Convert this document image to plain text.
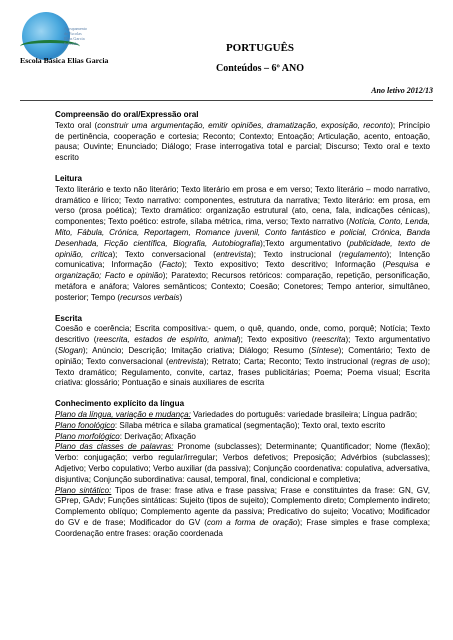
Agrupamento
de Escolas
Elias Garcia
Sobreda
Escola Básica Elias Garcia
PORTUGUÊS
Conteúdos – 6º ANO
Ano letivo 2012/13
Compreensão do oral/Expressão oral
Texto oral (construir uma argumentação, emitir opiniões, dramatização, exposição, reconto); Princípio de pertinência, cooperação e cortesia; Reconto; Contexto; Entoação; Articulação, acento, entoação, pausa; Ouvinte; Enunciado; Diálogo; Frase interrogativa total e parcial; Discurso; Texto oral e texto escrito
Leitura
Texto literário e texto não literário; Texto literário em prosa e em verso; Texto literário – modo narrativo, dramático e lírico; Texto narrativo: componentes, estrutura da narrativa; Texto literário: em prosa, em verso (prosa poética); Texto dramático: organização estrutural (ato, cena, fala, indicações cénicas), componentes; Texto poético: estrofe, sílaba métrica, rima, verso; Texto narrativo (Notícia, Conto, Lenda, Mito, Fábula, Crónica, Reportagem, Romance juvenil, Conto fantástico e policial, Crónica, Banda Desenhada, Ficção científica, Biografia, Autobiografia);Texto argumentativo (publicidade, texto de opinião, crítica); Texto conversacional (entrevista); Texto instrucional (regulamento); Intenção comunicativa; Informação (Facto); Texto expositivo; Texto descritivo; Informação (Pesquisa e organização; Facto e opinião); Paratexto; Recursos retóricos: comparação, repetição, personificação, metáfora e anáfora; Valores semânticos; Contexto; Coesão; Conetores; Tempo anterior, simultâneo, posterior; Tempo (recursos verbais)
Escrita
Coesão e coerência; Escrita compositiva:- quem, o quê, quando, onde, como, porquê; Notícia; Texto descritivo (reescrita, estados de espírito, animal); Texto expositivo (reescrita); Texto argumentativo (Slogan); Anúncio; Descrição; Imitação criativa; Diálogo; Resumo (Síntese); Comentário; Texto de opinião; Texto conversacional (entrevista); Retrato; Carta; Reconto; Texto instrucional (regras de uso); Texto dramático; Regulamento, convite, cartaz, frases publicitárias; Poema; Poema visual; Escrita criativa: glossário; Pontuação e sinais auxiliares de escrita
Conhecimento explícito da língua
Plano da língua, variação e mudança: Variedades do português: variedade brasileira; Língua padrão;
Plano fonológico: Sílaba métrica e sílaba gramatical (segmentação); Texto oral, texto escrito
Plano morfológico: Derivação; Afixação
Plano das classes de palavras: Pronome (subclasses); Determinante; Quantificador; Nome (flexão); Verbo: conjugação; verbo regular/irregular; Verbos defetivos; Preposição; Advérbios (subclasses); Adjetivo; Verbo copulativo; Verbo auxiliar (da passiva); Conjunção coordenativa: copulativa, adversativa, disjuntiva; Conjunção subordinativa: causal, temporal, final, condicional e completiva;
Plano sintático: Tipos de frase: frase ativa e frase passiva; Frase e constituintes da frase: GN, GV, GPrep, GAdv; Funções sintáticas: Sujeito (tipos de sujeito); Complemento direto; Complemento indireto; Complemento oblíquo; Complemento agente da passiva; Predicativo do sujeito; Vocativo; Modificador do GV e de frase; Modificador do GV (com a forma de oração); Frase simples e frase complexa; Coordenação entre frases: oração coordenada
